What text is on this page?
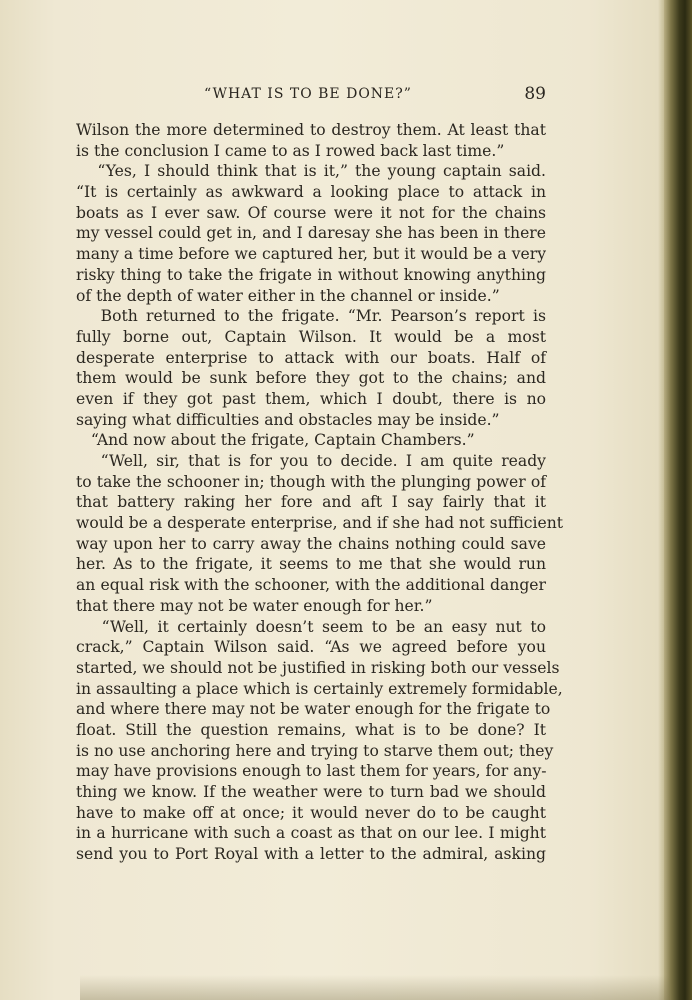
“WHAT IS TO BE DONE?”	89
Wilson the more determined to destroy them. At least that
is the conclusion I came to as I rowed back last time.”
“Yes, I should think that is it,” the young captain said.
“It is certainly as awkward a looking place to attack in
boats as I ever saw. Of course were it not for the chains
my vessel could get in, and I daresay she has been in there
many a time before we captured her, but it would be a very
risky thing to take the frigate in without knowing anything
of the depth of water either in the channel or inside.”
Both returned to the frigate. “Mr. Pearson’s report is
fully borne out, Captain Wilson. It would be a most
desperate enterprise to attack with our boats. Half of
them would be sunk before they got to the chains; and
even if they got past them, which I doubt, there is no
saying what difficulties and obstacles may be inside.”
“And now about the frigate, Captain Chambers.”
“Well, sir, that is for you to decide. I am quite ready
to take the schooner in; though with the plunging power of
that battery raking her fore and aft I say fairly that it
would be a desperate enterprise, and if she had not sufficient
way upon her to carry away the chains nothing could save
her. As to the frigate, it seems to me that she would run
an equal risk with the schooner, with the additional danger
that there may not be water enough for her.”
“Well, it certainly doesn’t seem to be an easy nut to
crack,” Captain Wilson said. “As we agreed before you
started, we should not be justified in risking both our vessels
in assaulting a place which is certainly extremely formidable,
and where there may not be water enough for the frigate to
float. Still the question remains, what is to be done? It
is no use anchoring here and trying to starve them out; they
may have provisions enough to last them for years, for any-
thing we know. If the weather were to turn bad we should
have to make off at once; it would never do to be caught
in a hurricane with such a coast as that on our lee. I might
send you to Port Royal with a letter to the admiral, asking
